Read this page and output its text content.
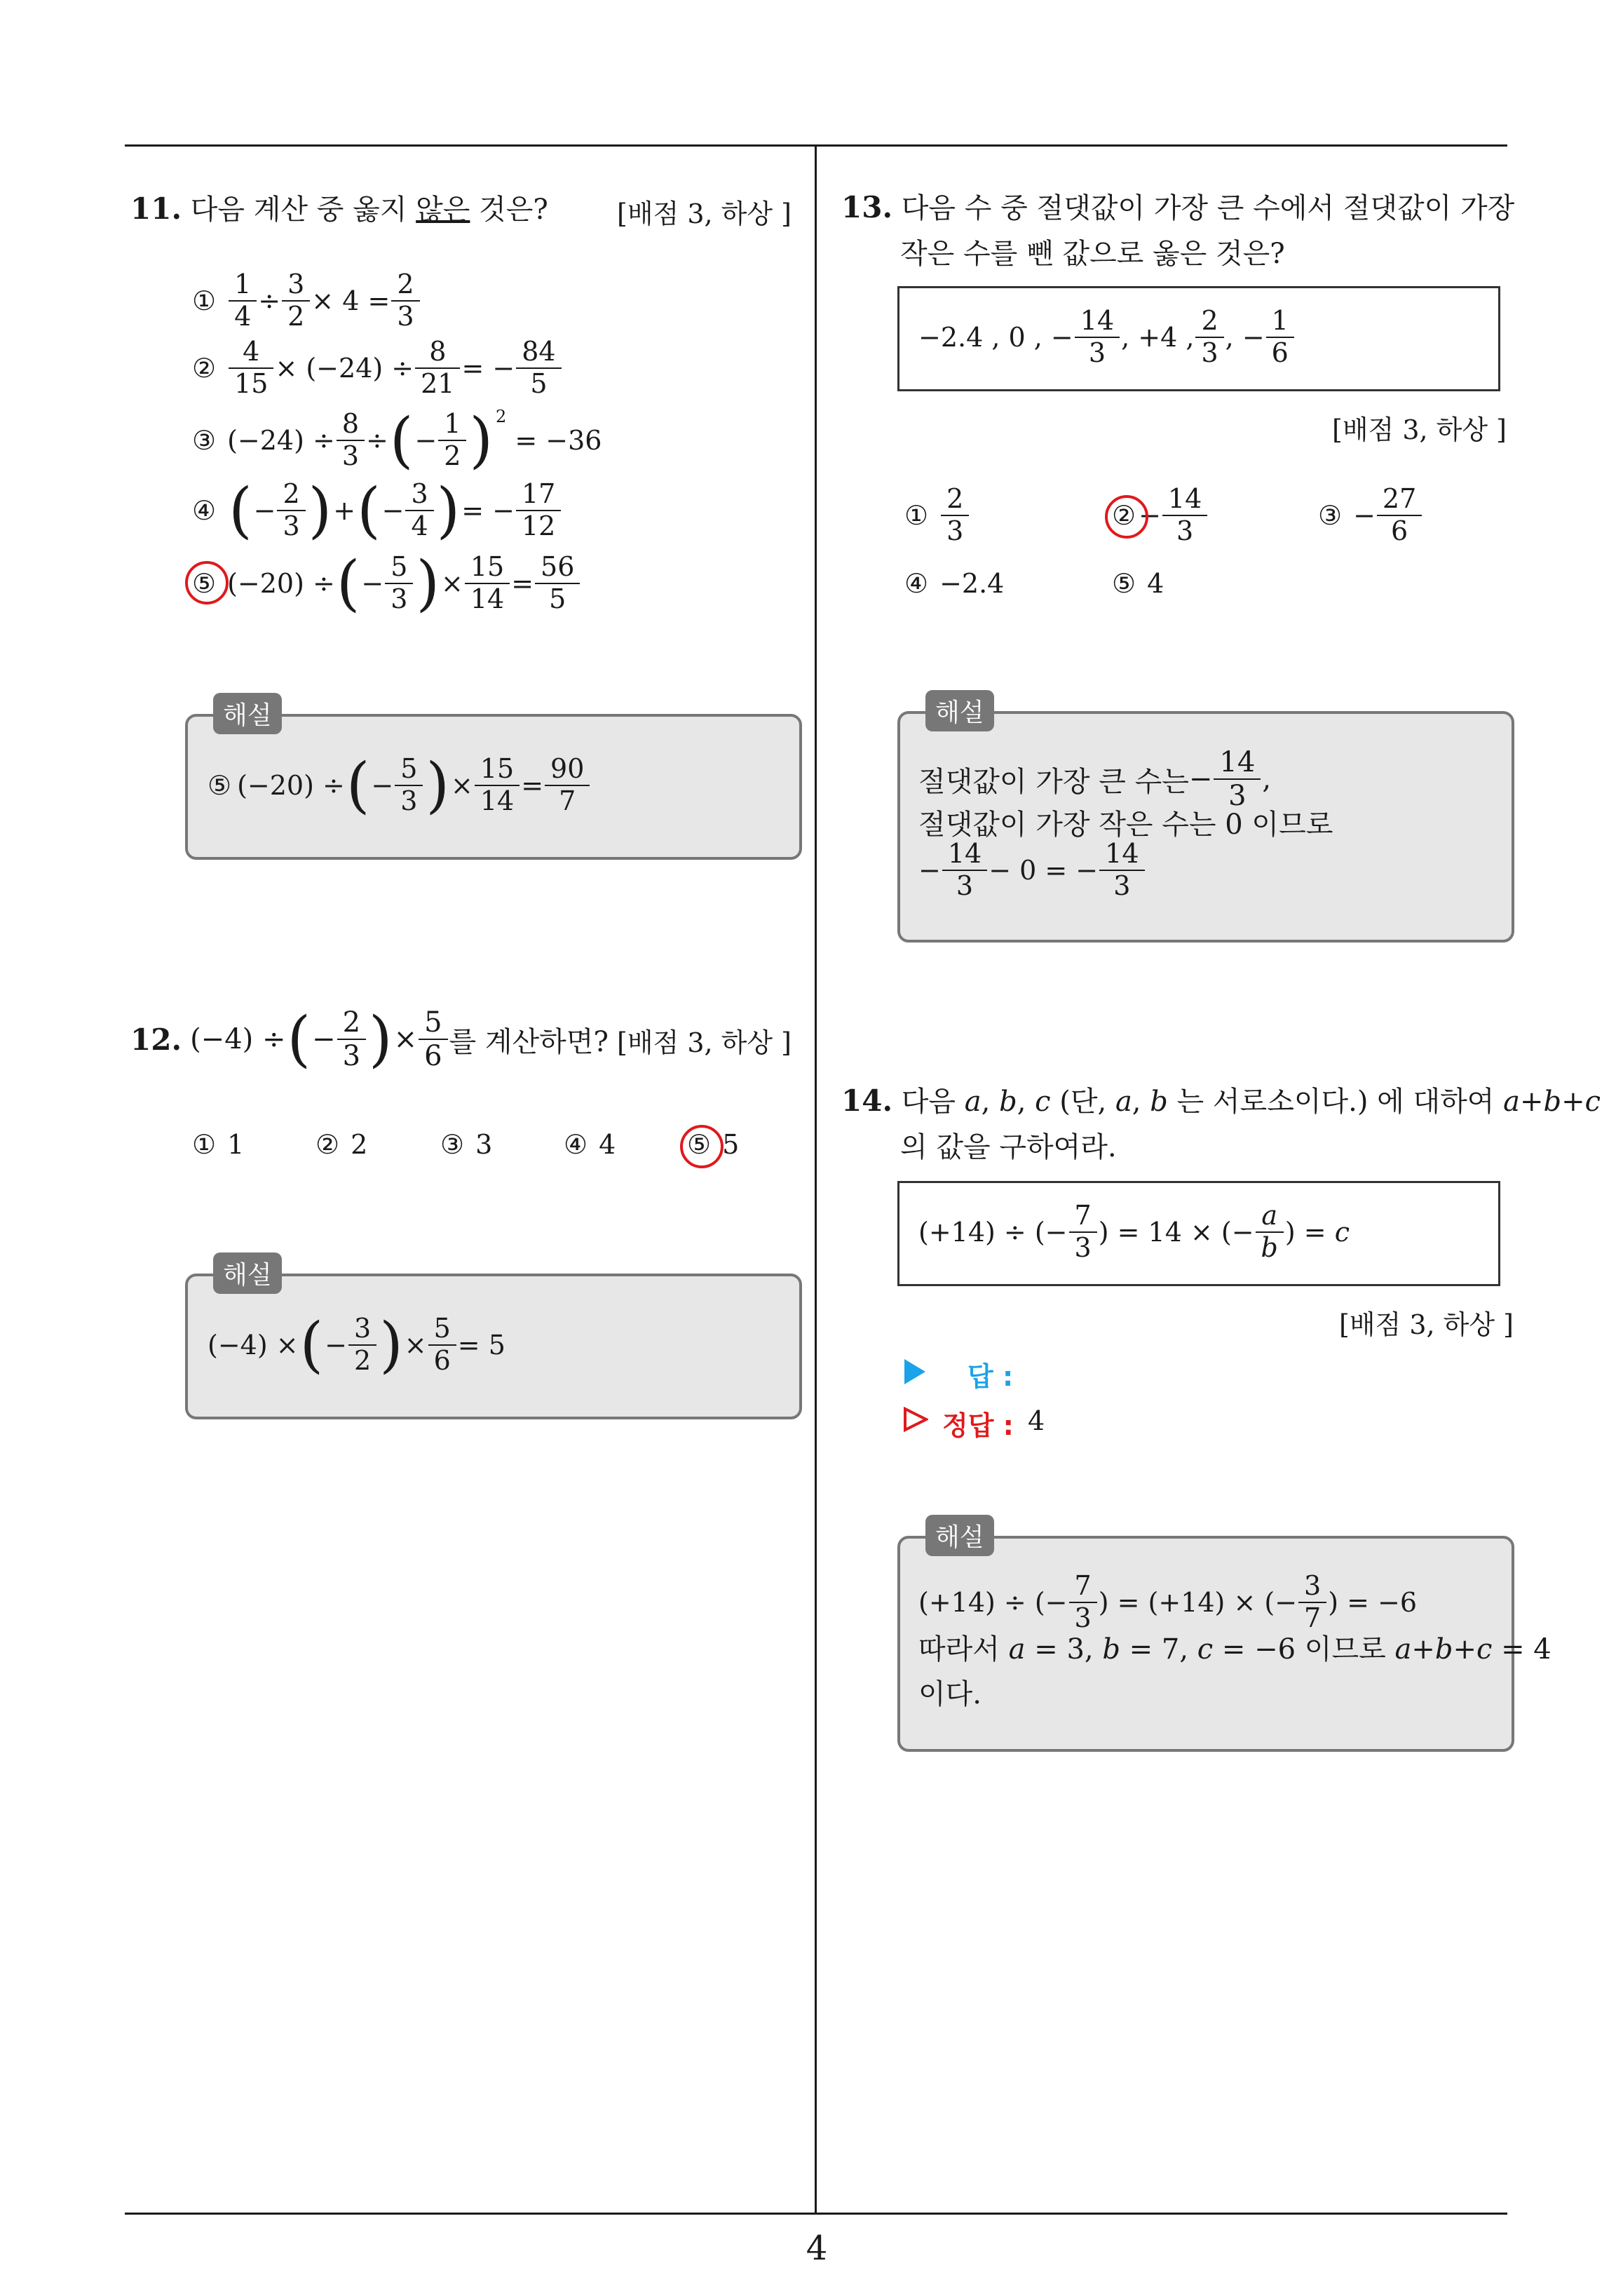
4
11. 다음 계산 중 옳지 않은 것은?	[배점 3, 하상 ]
① $\frac{1}{4} \div \frac{3}{2} \times 4 = \frac{2}{3}$
② $\frac{4}{15} \times (-24) \div \frac{8}{21}$ = − $\frac{84}{5}$
③ $(-24) \div \frac{8}{3}$ ÷ ( − $\frac{1}{2}$ ) 2
= −36
④ ( − $\frac{2}{3}$ ) + ( − $\frac{3}{4}$ ) = − $\frac{17}{12}$
⑤ (−20) ÷ ( − $\frac{5}{3}$ ) × $\frac{15}{14} = \frac{56}{5}$
해설
⑤ (−20) ÷ ( − $\frac{5}{3}$ ) × $\frac{15}{14} = \frac{90}{7}$
12. (−4) ÷ ( − $\frac{2}{3}$ ) × $\frac{5}{6}$ 를 계산하면? [배점 3, 하상 ]
① 1	② 2	③ 3	④ 4	⑤ 5
해설
(−4) × ( − $\frac{3}{2}$ ) × $\frac{5}{6} = 5$
13. 다음 수 중 절댓값이 가장 큰 수에서 절댓값이 가장
작은 수를 뺀 값으로 옳은 것은?
−2.4 , 0 , − $\frac{14}{3}$ , +4 , $\frac{2}{3}$ , − $\frac{1}{6}$
[배점 3, 하상 ]
① $\frac{2}{3}$	② − $\frac{14}{3}$	③ − $\frac{27}{6}$
④ −2.4	⑤ 4
해설
절댓값이 가장 큰 수는 − $\frac{14}{3}$ ,
절댓값이 가장 작은 수는 0 이므로
− $\frac{14}{3} - 0$ = − $\frac{14}{3}$
14. 다음 a, b, c (단, a, b 는 서로소이다.) 에 대하여 a+b+c
의 값을 구하여라.
(+14) ÷ (− $\frac{7}{3}$ ) = 14 × (− $\frac{a}{b}$ ) = c
[배점 3, 하상 ]
답 :
정답 : 4
해설
(+14) ÷ (− $\frac{7}{3}$ ) = (+14) × (− $\frac{3}{7}$ ) = −6
따라서 a = 3, b = 7, c = −6 이므로 a+b+c = 4
이다.
